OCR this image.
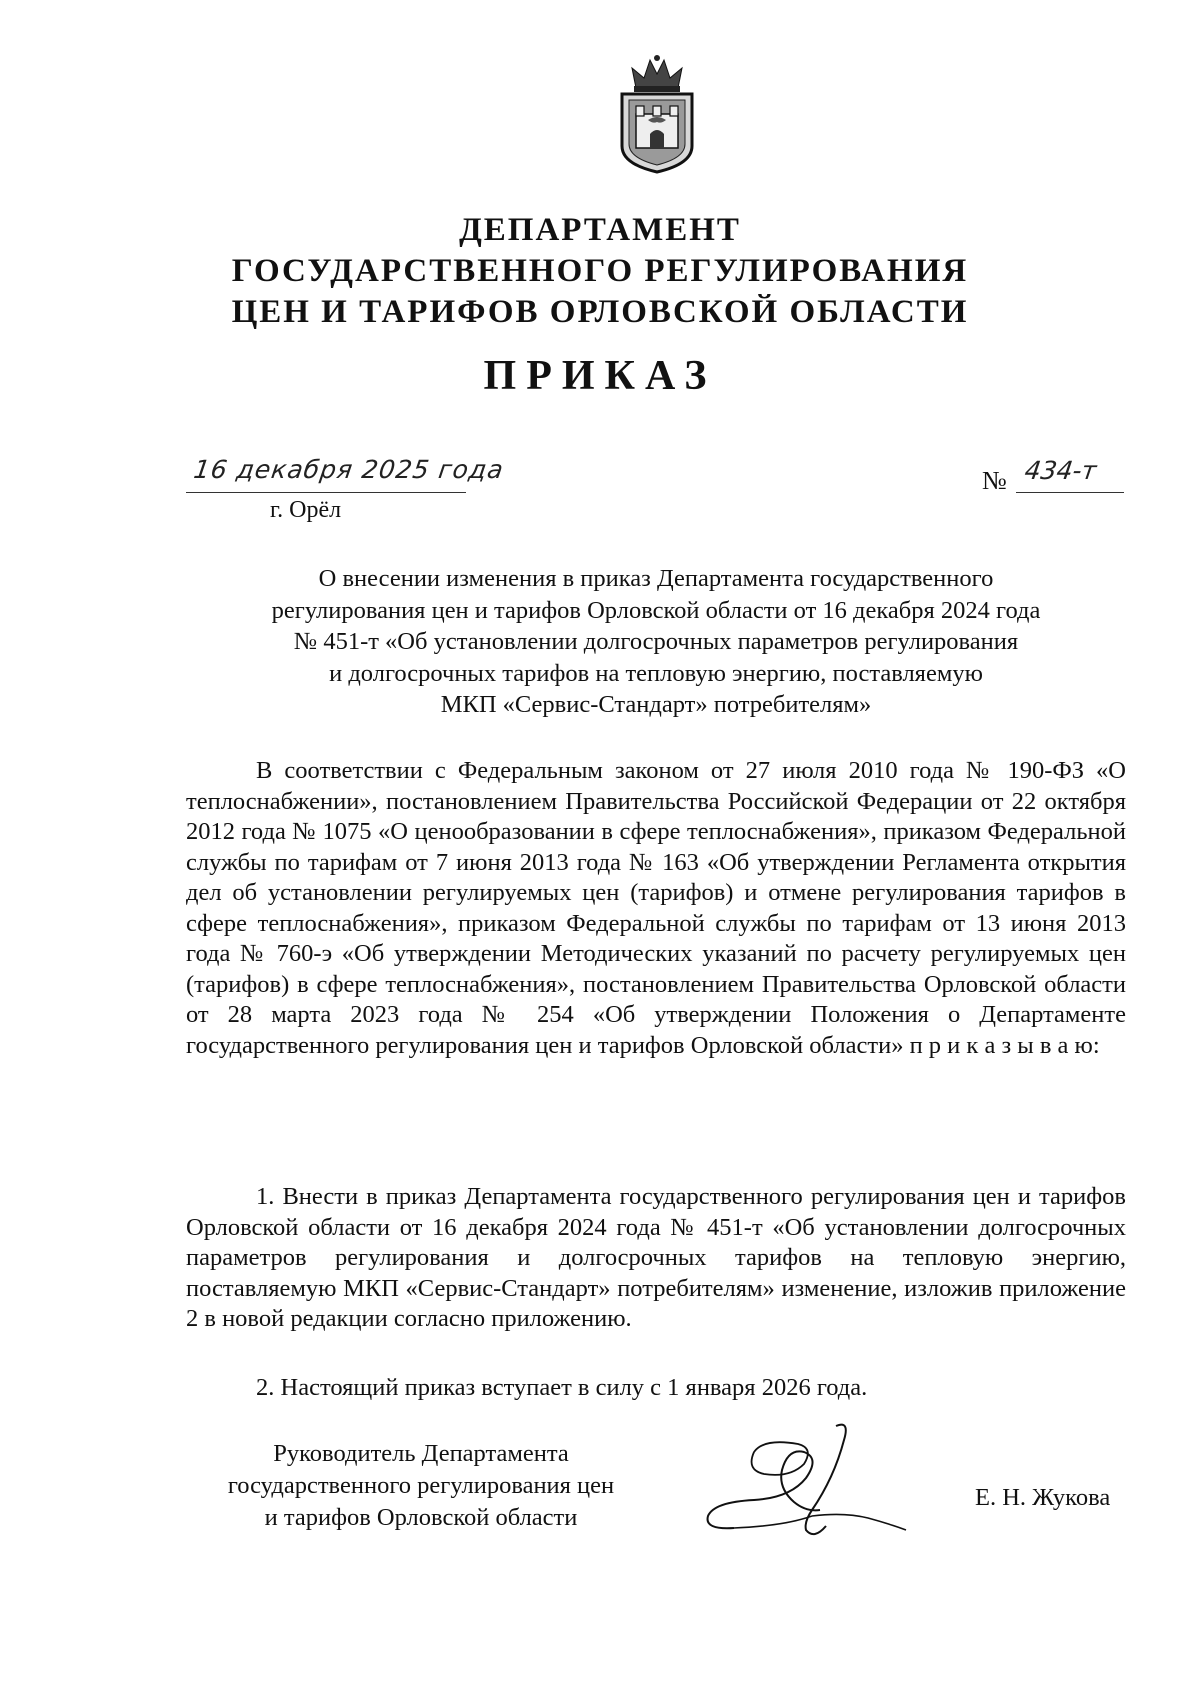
ДЕПАРТАМЕНТ
ГОСУДАРСТВЕННОГО РЕГУЛИРОВАНИЯ
ЦЕН И ТАРИФОВ ОРЛОВСКОЙ ОБЛАСТИ
ПРИКАЗ
16 декабря 2025 года
г. Орёл
№ 434-т
О внесении изменения в приказ Департамента государственного
регулирования цен и тарифов Орловской области от 16 декабря 2024 года
№ 451-т «Об установлении долгосрочных параметров регулирования
и долгосрочных тарифов на тепловую энергию, поставляемую
МКП «Сервис-Стандарт» потребителям»
В соответствии с Федеральным законом от 27 июля 2010 года № 190-ФЗ «О теплоснабжении», постановлением Правительства Российской Федерации от 22 октября 2012 года № 1075 «О ценообразовании в сфере теплоснабжения», приказом Федеральной службы по тарифам от 7 июня 2013 года № 163 «Об утверждении Регламента открытия дел об установлении регулируемых цен (тарифов) и отмене регулирования тарифов в сфере теплоснабжения», приказом Федеральной службы по тарифам от 13 июня 2013 года № 760-э «Об утверждении Методических указаний по расчету регулируемых цен (тарифов) в сфере теплоснабжения», постановлением Правительства Орловской области от 28 марта 2023 года № 254 «Об утверждении Положения о Департаменте государственного регулирования цен и тарифов Орловской области» п р и к а з ы в а ю:
1. Внести в приказ Департамента государственного регулирования цен и тарифов Орловской области от 16 декабря 2024 года № 451-т «Об установлении долгосрочных параметров регулирования и долгосрочных тарифов на тепловую энергию, поставляемую МКП «Сервис-Стандарт» потребителям» изменение, изложив приложение 2 в новой редакции согласно приложению.
2. Настоящий приказ вступает в силу с 1 января 2026 года.
Руководитель Департамента
государственного регулирования цен
и тарифов Орловской области
Е. Н. Жукова
